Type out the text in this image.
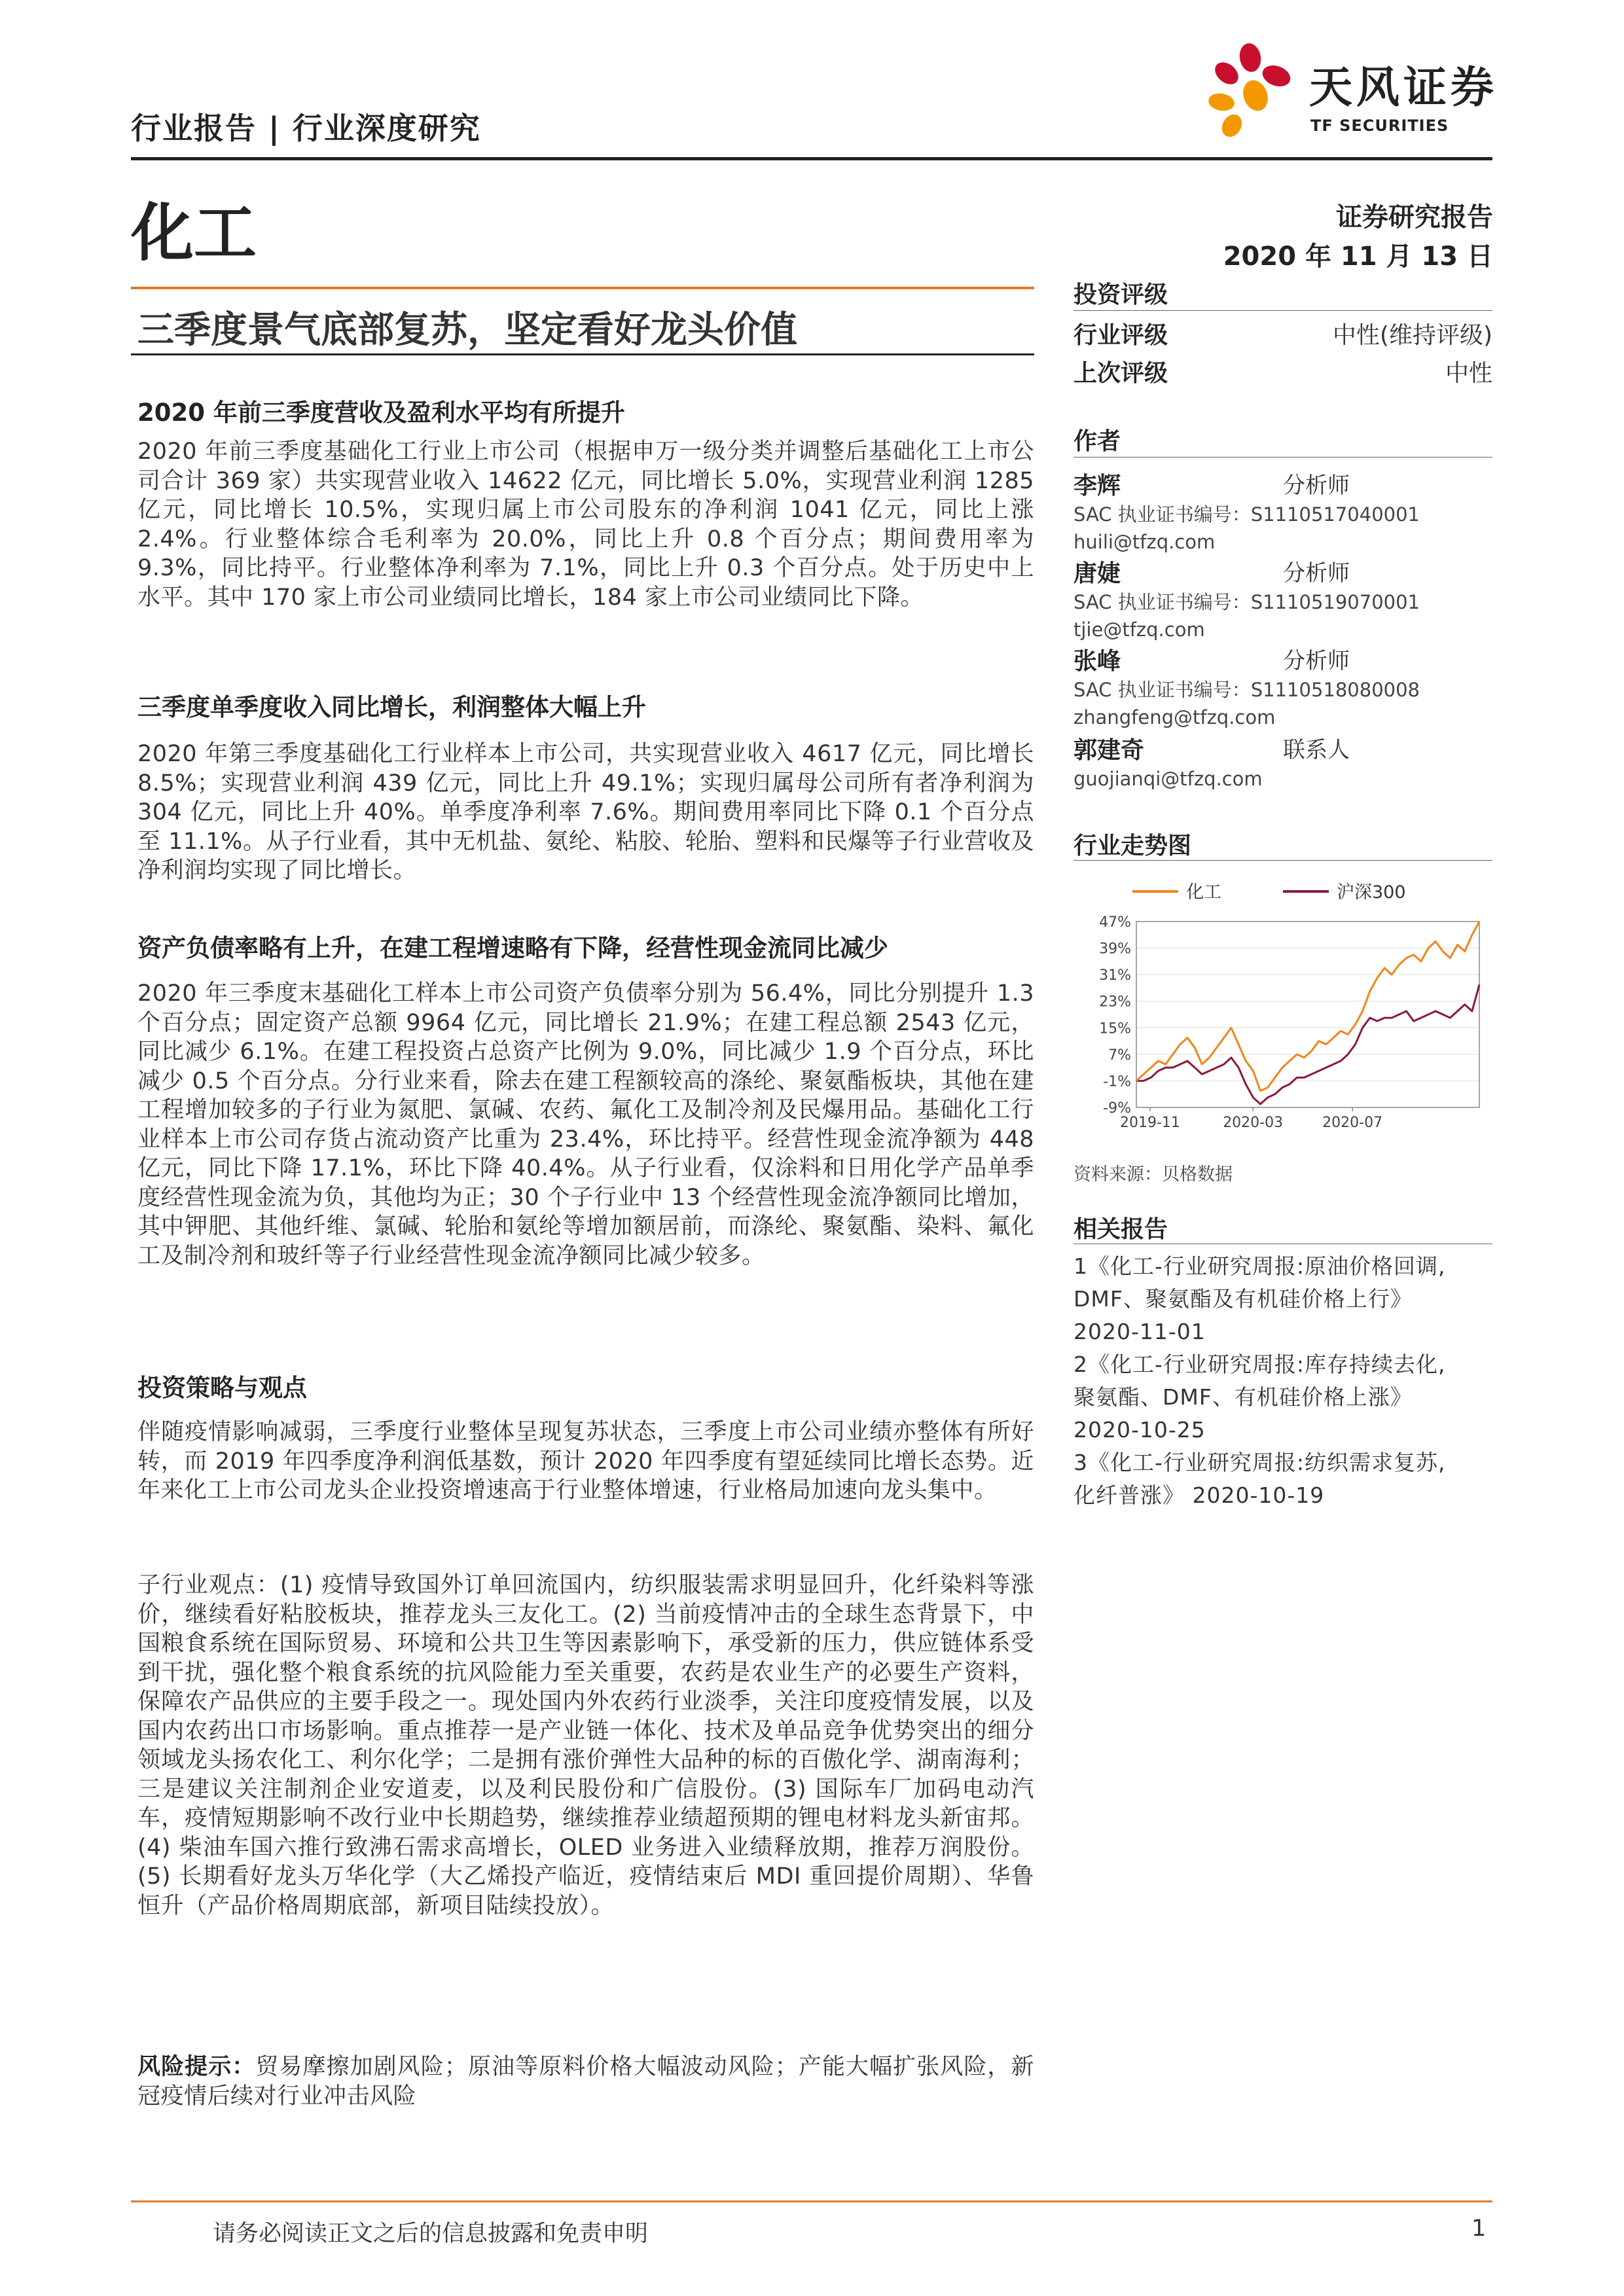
行业报告 | 行业深度研究
天风证券
TF SECURITIES
化工	证券研究报告
2020 年 11 月 13 日
三季度景气底部复苏，坚定看好龙头价值
2020 年前三季度营收及盈利水平均有所提升
2020 年前三季度基础化工行业上市公司（根据申万一级分类并调整后基础化工上市公司合计 369 家）共实现营业收入 14622 亿元，同比增长 5.0%，实现营业利润 1285 亿元，同比增长 10.5%，实现归属上市公司股东的净利润 1041 亿元，同比上涨 2.4%。行业整体综合毛利率为 20.0%，同比上升 0.8 个百分点；期间费用率为 9.3%，同比持平。行业整体净利率为 7.1%，同比上升 0.3 个百分点。处于历史中上水平。其中 170 家上市公司业绩同比增长，184 家上市公司业绩同比下降。
三季度单季度收入同比增长，利润整体大幅上升
2020 年第三季度基础化工行业样本上市公司，共实现营业收入 4617 亿元，同比增长 8.5%；实现营业利润 439 亿元，同比上升 49.1%；实现归属母公司所有者净利润为 304 亿元，同比上升 40%。单季度净利率 7.6%。期间费用率同比下降 0.1 个百分点至 11.1%。从子行业看，其中无机盐、氨纶、粘胶、轮胎、塑料和民爆等子行业营收及净利润均实现了同比增长。
资产负债率略有上升，在建工程增速略有下降，经营性现金流同比减少
2020 年三季度末基础化工样本上市公司资产负债率分别为 56.4%，同比分别提升 1.3 个百分点；固定资产总额 9964 亿元，同比增长 21.9%；在建工程总额 2543 亿元，同比减少 6.1%。在建工程投资占总资产比例为 9.0%，同比减少 1.9 个百分点，环比减少 0.5 个百分点。分行业来看，除去在建工程额较高的涤纶、聚氨酯板块，其他在建工程增加较多的子行业为氮肥、氯碱、农药、氟化工及制冷剂及民爆用品。基础化工行业样本上市公司存货占流动资产比重为 23.4%，环比持平。经营性现金流净额为 448 亿元，同比下降 17.1%，环比下降 40.4%。从子行业看，仅涂料和日用化学产品单季度经营性现金流为负，其他均为正；30 个子行业中 13 个经营性现金流净额同比增加，其中钾肥、其他纤维、氯碱、轮胎和氨纶等增加额居前，而涤纶、聚氨酯、染料、氟化工及制冷剂和玻纤等子行业经营性现金流净额同比减少较多。
投资策略与观点
伴随疫情影响减弱，三季度行业整体呈现复苏状态，三季度上市公司业绩亦整体有所好转，而 2019 年四季度净利润低基数，预计 2020 年四季度有望延续同比增长态势。近年来化工上市公司龙头企业投资增速高于行业整体增速，行业格局加速向龙头集中。
子行业观点：(1) 疫情导致国外订单回流国内，纺织服装需求明显回升，化纤染料等涨价，继续看好粘胶板块，推荐龙头三友化工。(2) 当前疫情冲击的全球生态背景下，中国粮食系统在国际贸易、环境和公共卫生等因素影响下，承受新的压力，供应链体系受到干扰，强化整个粮食系统的抗风险能力至关重要，农药是农业生产的必要生产资料，保障农产品供应的主要手段之一。现处国内外农药行业淡季，关注印度疫情发展，以及国内农药出口市场影响。重点推荐一是产业链一体化、技术及单品竞争优势突出的细分领域龙头扬农化工、利尔化学；二是拥有涨价弹性大品种的标的百傲化学、湖南海利；三是建议关注制剂企业安道麦，以及利民股份和广信股份。(3) 国际车厂加码电动汽车，疫情短期影响不改行业中长期趋势，继续推荐业绩超预期的锂电材料龙头新宙邦。(4) 柴油车国六推行致沸石需求高增长，OLED 业务进入业绩释放期，推荐万润股份。(5) 长期看好龙头万华化学（大乙烯投产临近，疫情结束后 MDI 重回提价周期）、华鲁恒升（产品价格周期底部，新项目陆续投放）。
风险提示：贸易摩擦加剧风险；原油等原料价格大幅波动风险；产能大幅扩张风险，新冠疫情后续对行业冲击风险
投资评级
行业评级	中性(维持评级)
上次评级	中性
作者
李辉	分析师
SAC 执业证书编号：S1110517040001
huili@tfzq.com
唐婕	分析师
SAC 执业证书编号：S1110519070001
tjie@tfzq.com
张峰	分析师
SAC 执业证书编号：S1110518080008
zhangfeng@tfzq.com
郭建奇	联系人
guojianqi@tfzq.com
行业走势图
化工	沪深300
47%
39%
31%
23%
15%
7%
-1%
-9%
2019-11	2020-03	2020-07
资料来源：贝格数据
相关报告
1《化工-行业研究周报:原油价格回调,
DMF、聚氨酯及有机硅价格上行》
2020-11-01
2《化工-行业研究周报:库存持续去化,
聚氨酯、DMF、有机硅价格上涨》
2020-10-25
3《化工-行业研究周报:纺织需求复苏,
化纤普涨》 2020-10-19
请务必阅读正文之后的信息披露和免责申明	1
